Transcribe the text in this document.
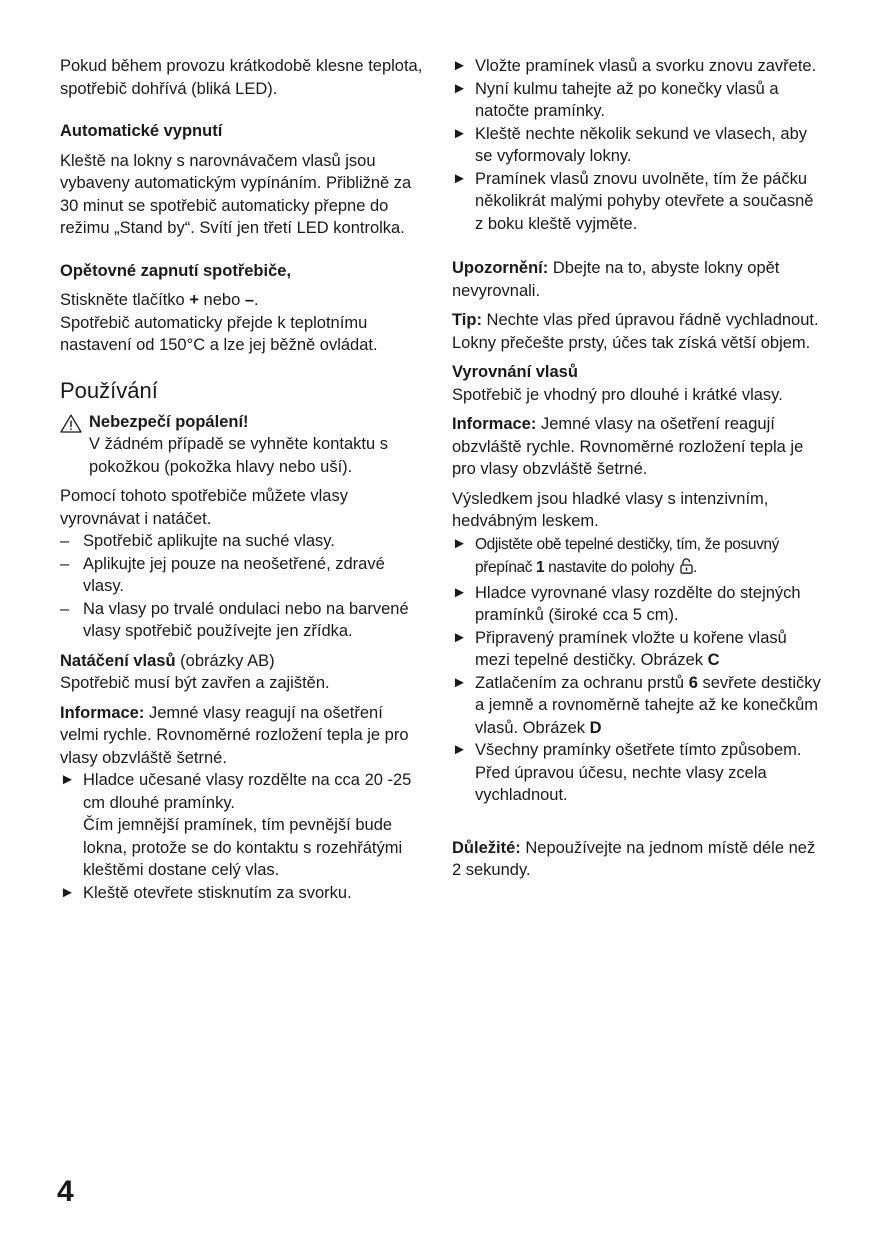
Pokud během provozu krátkodobě klesne teplota, spotřebič dohřívá (bliká LED).

Automatické vypnutí

Kleště na lokny s narovnávačem vlasů jsou vybaveny automatickým vypínáním. Přibližně za 30 minut se spotřebič automaticky přepne do režimu „Stand by“. Svítí jen třetí LED kontrolka.

Opětovné zapnutí spotřebiče,

Stiskněte tlačítko + nebo –.

Spotřebič automaticky přejde k teplotnímu nastavení od 150°C a lze jej běžně ovládat.

Používání

Nebezpečí popálení!

V žádném případě se vyhněte kontaktu s pokožkou (pokožka hlavy nebo uší).

Pomocí tohoto spotřebiče můžete vlasy vyrovnávat i natáčet.

– Spotřebič aplikujte na suché vlasy.
– Aplikujte jej pouze na neošetřené, zdravé vlasy.
– Na vlasy po trvalé ondulaci nebo na barvené vlasy spotřebič používejte jen zřídka.

Natáčení vlasů (obrázky AB)

Spotřebič musí být zavřen a zajištěn.

Informace: Jemné vlasy reagují na ošetření velmi rychle. Rovnoměrné rozložení tepla je pro vlasy obzvláště šetrné.

► Hladce učesané vlasy rozdělte na cca 20 -25 cm dlouhé pramínky.
Čím jemnější pramínek, tím pevnější bude lokna, protože se do kontaktu s rozehřátými kleštěmi dostane celý vlas.
► Kleště otevřete stisknutím za svorku.
► Vložte pramínek vlasů a svorku znovu zavřete.
► Nyní kulmu tahejte až po konečky vlasů a natočte pramínky.
► Kleště nechte několik sekund ve vlasech, aby se vyformovaly lokny.
► Pramínek vlasů znovu uvolněte, tím že páčku několikrát malými pohyby otevřete a současně z boku kleště vyjměte.

Upozornění: Dbejte na to, abyste lokny opět nevyrovnali.

Tip: Nechte vlas před úpravou řádně vychladnout. Lokny přečešte prsty, účes tak získá větší objem.

Vyrovnání vlasů

Spotřebič je vhodný pro dlouhé i krátké vlasy.

Informace: Jemné vlasy na ošetření reagují obzvláště rychle. Rovnoměrné rozložení tepla je pro vlasy obzvláště šetrné.

Výsledkem jsou hladké vlasy s intenzivním, hedvábným leskem.

► Odjistěte obě tepelné destičky, tím, že posuvný přepínač 1 nastavite do polohy .
► Hladce vyrovnané vlasy rozdělte do stejných pramínků (široké cca 5 cm).
► Připravený pramínek vložte u kořene vlasů mezi tepelné destičky. Obrázek C
► Zatlačením za ochranu prstů 6 sevřete destičky a jemně a rovnoměrně tahejte až ke konečkům vlasů. Obrázek D
► Všechny pramínky ošetřete tímto způsobem. Před úpravou účesu, nechte vlasy zcela vychladnout.

Důležité: Nepoužívejte na jednom místě déle než 2 sekundy.

4
